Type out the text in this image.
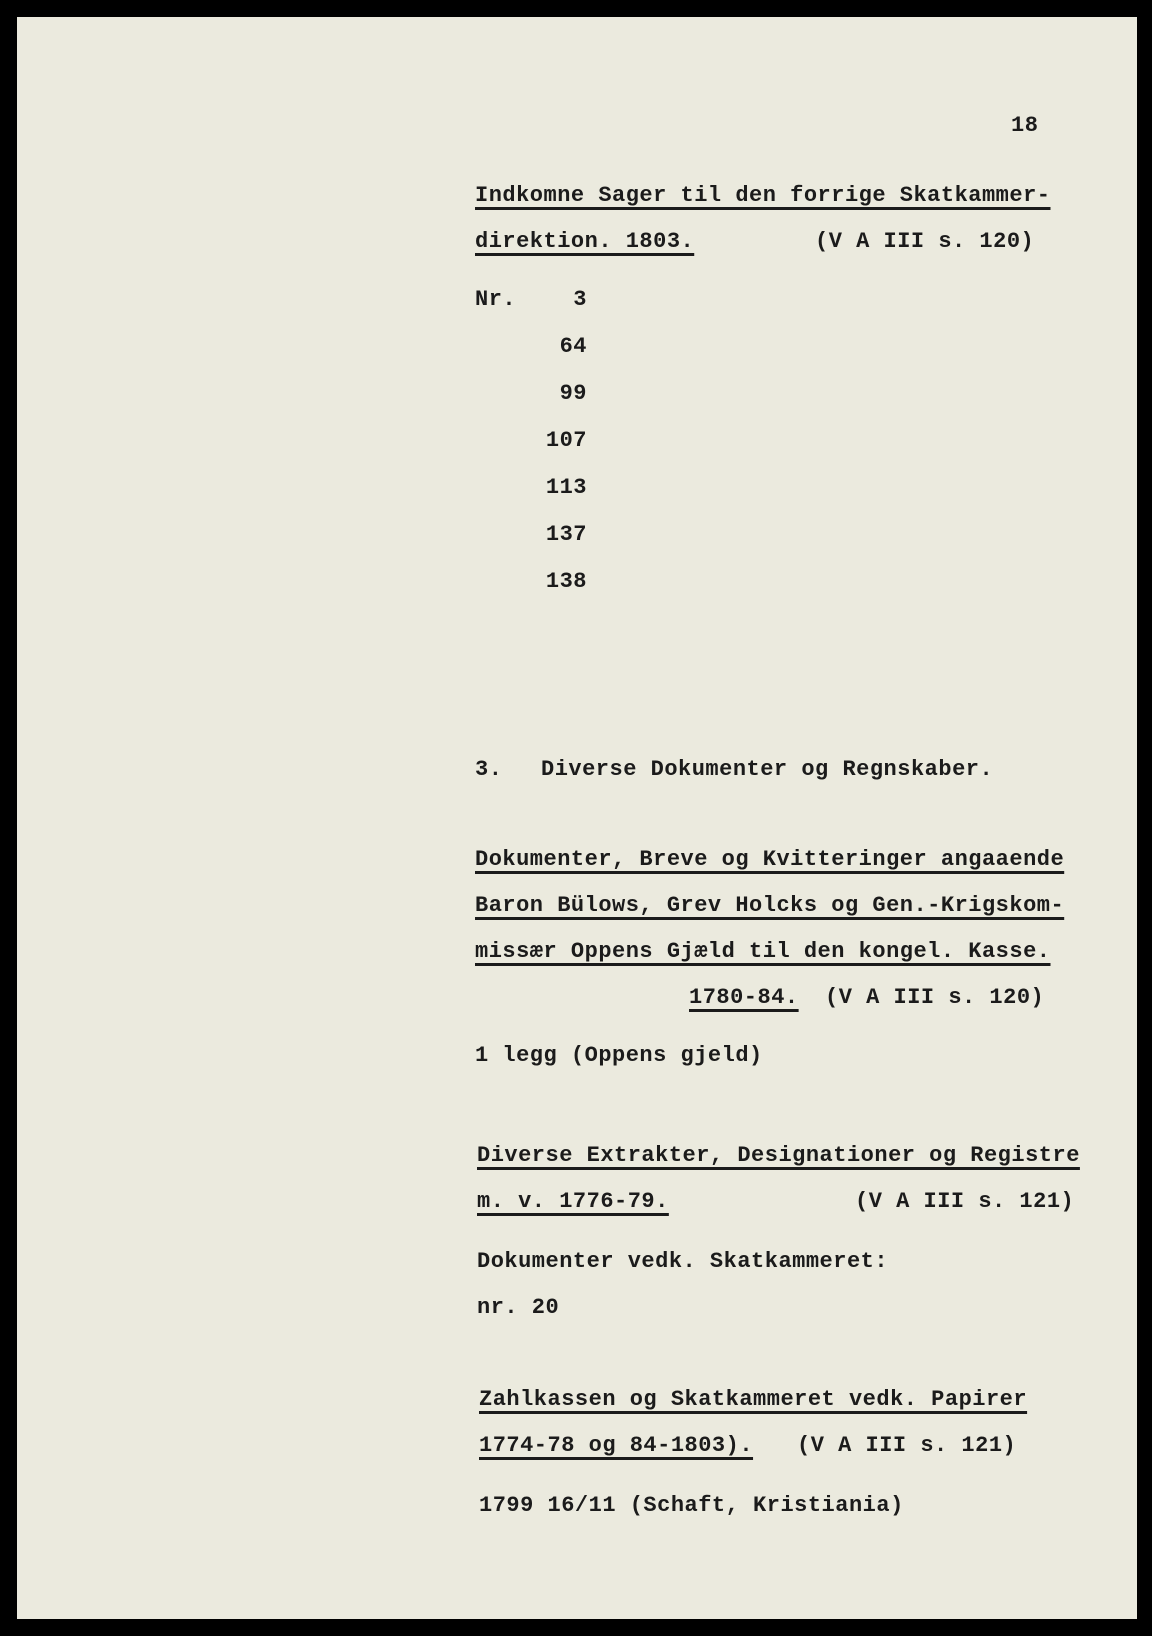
18
Indkomne Sager til den forrige Skatkammer-
direktion. 1803.	(V A III s. 120)
Nr.	3
64
99
107
113
137
138
3. Diverse Dokumenter og Regnskaber.
Dokumenter, Breve og Kvitteringer angaaende
Baron Bülows, Grev Holcks og Gen.-Krigskom-
missær Oppens Gjæld til den kongel. Kasse.
1780-84. (V A III s. 120)
1 legg (Oppens gjeld)
Diverse Extrakter, Designationer og Registre
m. v. 1776-79.	(V A III s. 121)
Dokumenter vedk. Skatkammeret:
nr. 20
Zahlkassen og Skatkammeret vedk. Papirer
1774-78 og 84-1803). (V A III s. 121)
1799 16/11 (Schaft, Kristiania)
